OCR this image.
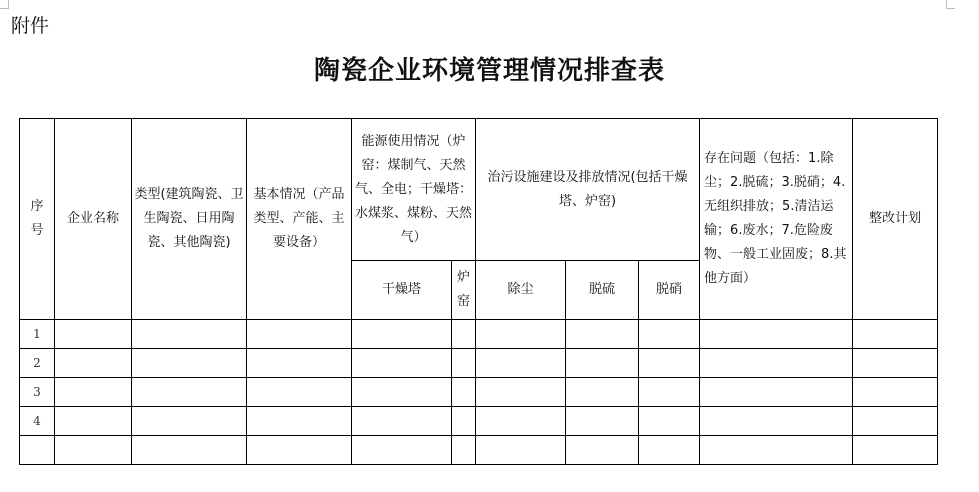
附件
陶瓷企业环境管理情况排查表
序号	企业名称	类型(建筑陶瓷、卫生陶瓷、日用陶瓷、其他陶瓷)	基本情况（产品类型、产能、主要设备）	能源使用情况（炉窑：煤制气、天然气、全电；干燥塔：水煤浆、煤粉、天然气）		治污设施建设及排放情况(包括干燥塔、炉窑)			存在问题（包括：1.除尘；2.脱硫；3.脱硝；4.无组织排放；5.清洁运输；6.废水；7.危险废物、一般工业固废；8.其他方面）	整改计划
				干燥塔	炉窑	除尘	脱硫	脱硝		
1										
2										
3										
4										
